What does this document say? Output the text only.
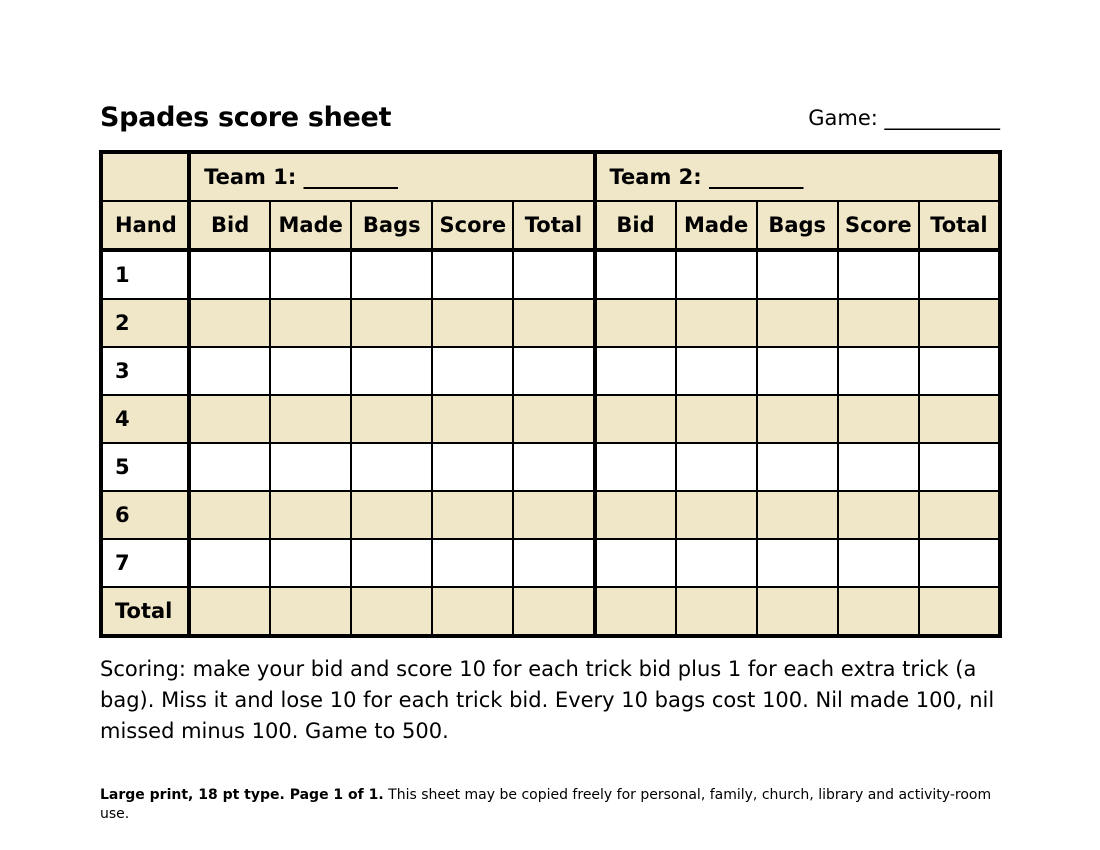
Spades score sheet	Game: ___________
	Team 1: _________					Team 2: _________				
Hand	Bid	Made	Bags	Score	Total	Bid	Made	Bags	Score	Total
1										
2										
3										
4										
5										
6										
7										
Total										
Scoring: make your bid and score 10 for each trick bid plus 1 for each extra trick (a bag). Miss it and lose 10 for each trick bid. Every 10 bags cost 100. Nil made 100, nil missed minus 100. Game to 500.
Large print, 18 pt type. Page 1 of 1. This sheet may be copied freely for personal, family, church, library and activity-room use.
